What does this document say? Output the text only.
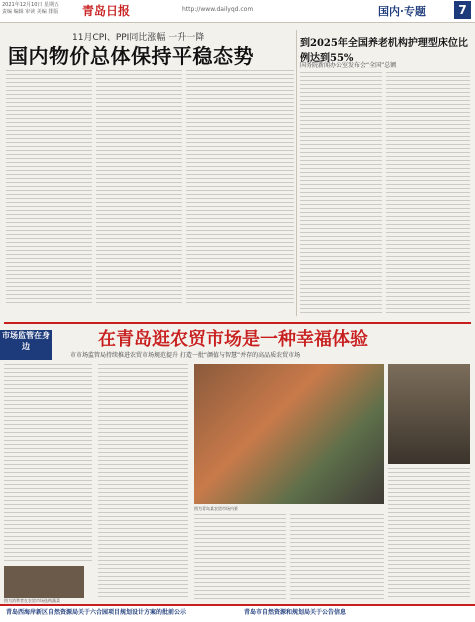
2021年12月10日 星期五
责编 编辑 审读 美编 排版	青岛日报	http://www.dailyqd.com	国内·专题	7
11月CPI、PPI同比涨幅 一升一降
国内物价总体保持平稳态势
到2025年全国养老机构护理型床位比例达到55%
国务院新闻办公室发布会“全国”总额
市场监管在身边	在青岛逛农贸市场是一种幸福体验
市市场监管局持续推进农贸市场规范提升 打造一批“颜值与智慧”并存的高品质农贸市场
图为消费者在农贸市场选购蔬菜
图为青岛某农贸市场内景
青岛西海岸新区自然资源局关于六合园项目规划设计方案的批前公示	青岛市自然资源和规划局关于公告信息
